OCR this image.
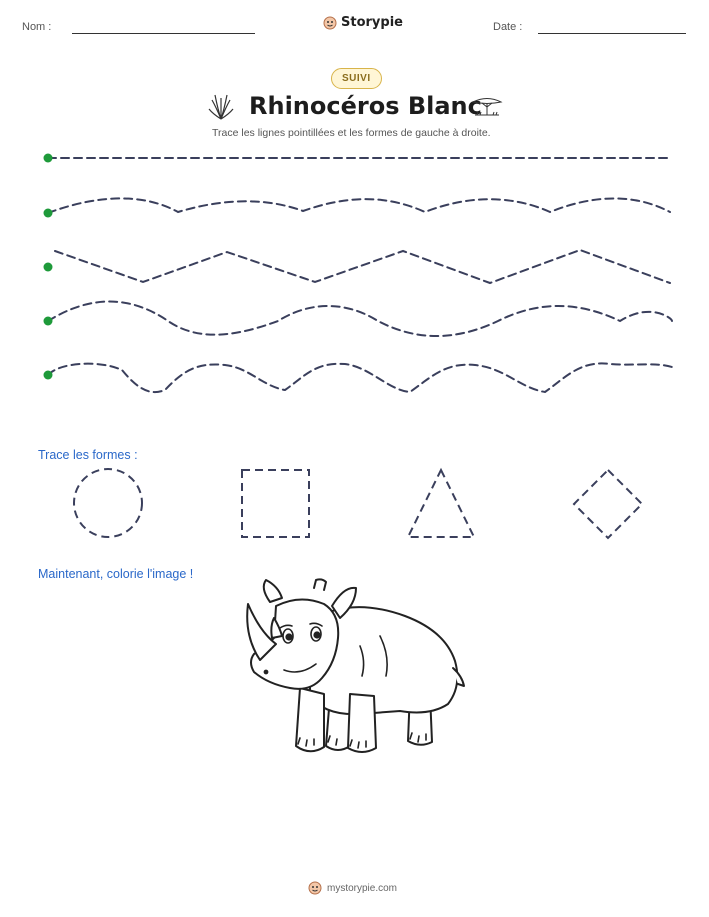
Nom :	Storypie	Date :
SUIVI
Rhinocéros Blanc
Trace les lignes pointillées et les formes de gauche à droite.
Trace les formes :
Maintenant, colorie l'image !
mystorypie.com
